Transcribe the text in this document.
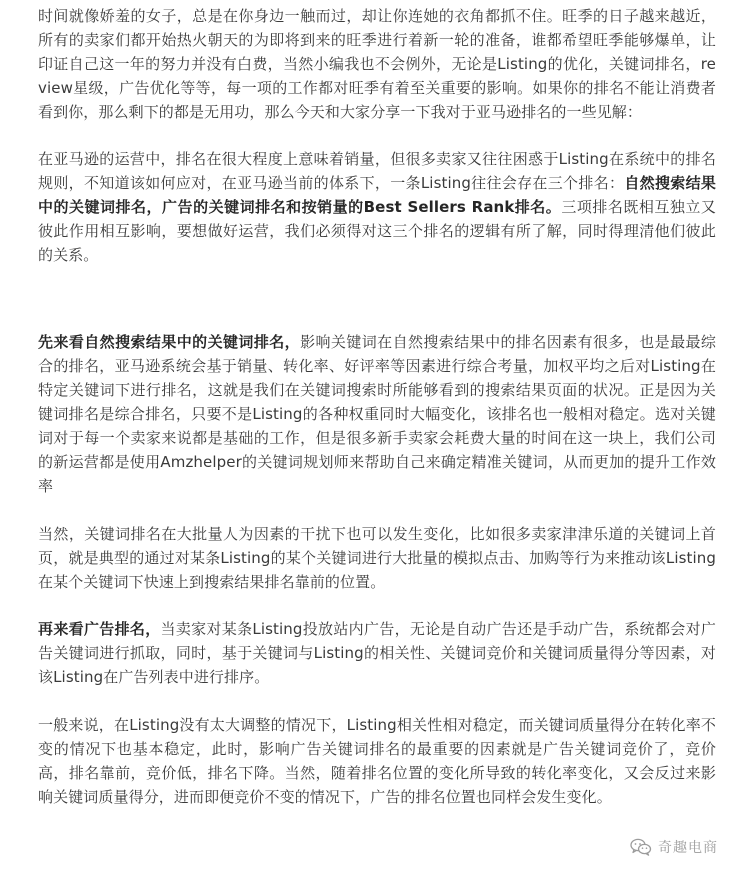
时间就像娇羞的女子，总是在你身边一触而过，却让你连她的衣角都抓不住。旺季的日子越来越近，所有的卖家们都开始热火朝天的为即将到来的旺季进行着新一轮的准备，谁都希望旺季能够爆单，让印证自己这一年的努力并没有白费，当然小编我也不会例外，无论是Listing的优化，关键词排名，review星级，广告优化等等，每一项的工作都对旺季有着至关重要的影响。如果你的排名不能让消费者看到你，那么剩下的都是无用功，那么今天和大家分享一下我对于亚马逊排名的一些见解：

在亚马逊的运营中，排名在很大程度上意味着销量，但很多卖家又往往困惑于Listing在系统中的排名规则，不知道该如何应对，在亚马逊当前的体系下，一条Listing往往会存在三个排名：自然搜索结果中的关键词排名，广告的关键词排名和按销量的Best Sellers Rank排名。三项排名既相互独立又彼此作用相互影响，要想做好运营，我们必须得对这三个排名的逻辑有所了解，同时得理清他们彼此的关系。

先来看自然搜索结果中的关键词排名，影响关键词在自然搜索结果中的排名因素有很多，也是最最综合的排名，亚马逊系统会基于销量、转化率、好评率等因素进行综合考量，加权平均之后对Listing在特定关键词下进行排名，这就是我们在关键词搜索时所能够看到的搜索结果页面的状况。正是因为关键词排名是综合排名，只要不是Listing的各种权重同时大幅变化，该排名也一般相对稳定。选对关键词对于每一个卖家来说都是基础的工作，但是很多新手卖家会耗费大量的时间在这一块上，我们公司的新运营都是使用Amzhelper的关键词规划师来帮助自己来确定精准关键词，从而更加的提升工作效率

当然，关键词排名在大批量人为因素的干扰下也可以发生变化，比如很多卖家津津乐道的关键词上首页，就是典型的通过对某条Listing的某个关键词进行大批量的模拟点击、加购等行为来推动该Listing在某个关键词下快速上到搜索结果排名靠前的位置。

再来看广告排名，当卖家对某条Listing投放站内广告，无论是自动广告还是手动广告，系统都会对广告关键词进行抓取，同时，基于关键词与Listing的相关性、关键词竞价和关键词质量得分等因素，对该Listing在广告列表中进行排序。

一般来说，在Listing没有太大调整的情况下，Listing相关性相对稳定，而关键词质量得分在转化率不变的情况下也基本稳定，此时，影响广告关键词排名的最重要的因素就是广告关键词竞价了，竞价高，排名靠前，竞价低，排名下降。当然，随着排名位置的变化所导致的转化率变化，又会反过来影响关键词质量得分，进而即便竞价不变的情况下，广告的排名位置也同样会发生变化。

奇趣电商
